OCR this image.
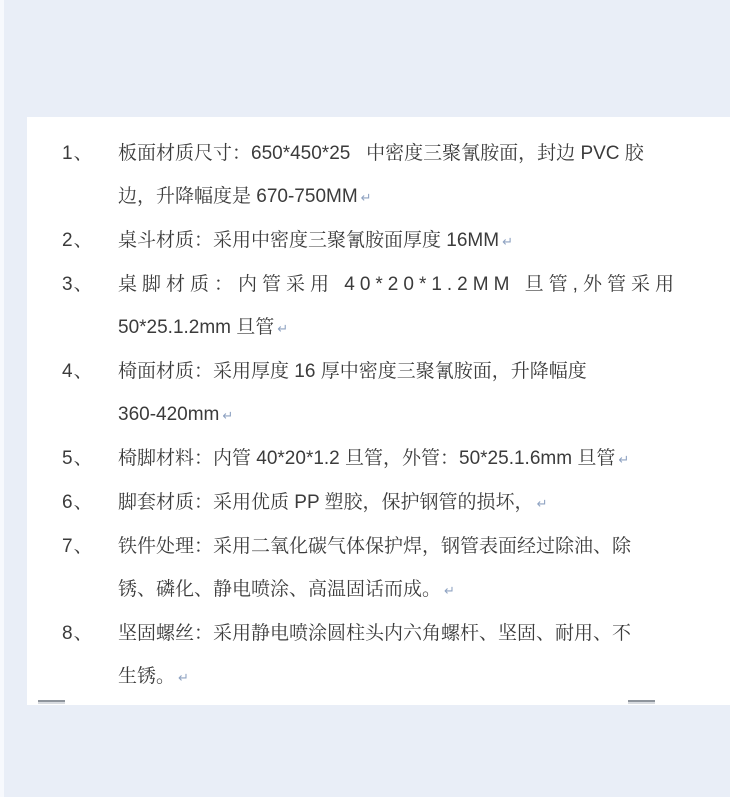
1、	板面材质尺寸：650*450*25   中密度三聚氰胺面，封边 PVC 胶
边，升降幅度是 670-750MM ↵
2、	桌斗材质：采用中密度三聚氰胺面厚度 16MM ↵
3、	桌脚材质：内管采用 40*20*1.2MM 旦管,外管采用
50*25.1.2mm 旦管 ↵
4、	椅面材质：采用厚度 16 厚中密度三聚氰胺面，升降幅度
360-420mm ↵
5、	椅脚材料：内管 40*20*1.2 旦管，外管：50*25.1.6mm 旦管 ↵
6、	脚套材质：采用优质 PP 塑胶，保护钢管的损坏， ↵
7、	铁件处理：采用二氧化碳气体保护焊，钢管表面经过除油、除
锈、磷化、静电喷涂、高温固话而成。 ↵
8、	坚固螺丝：采用静电喷涂圆柱头内六角螺杆、坚固、耐用、不
生锈。 ↵
